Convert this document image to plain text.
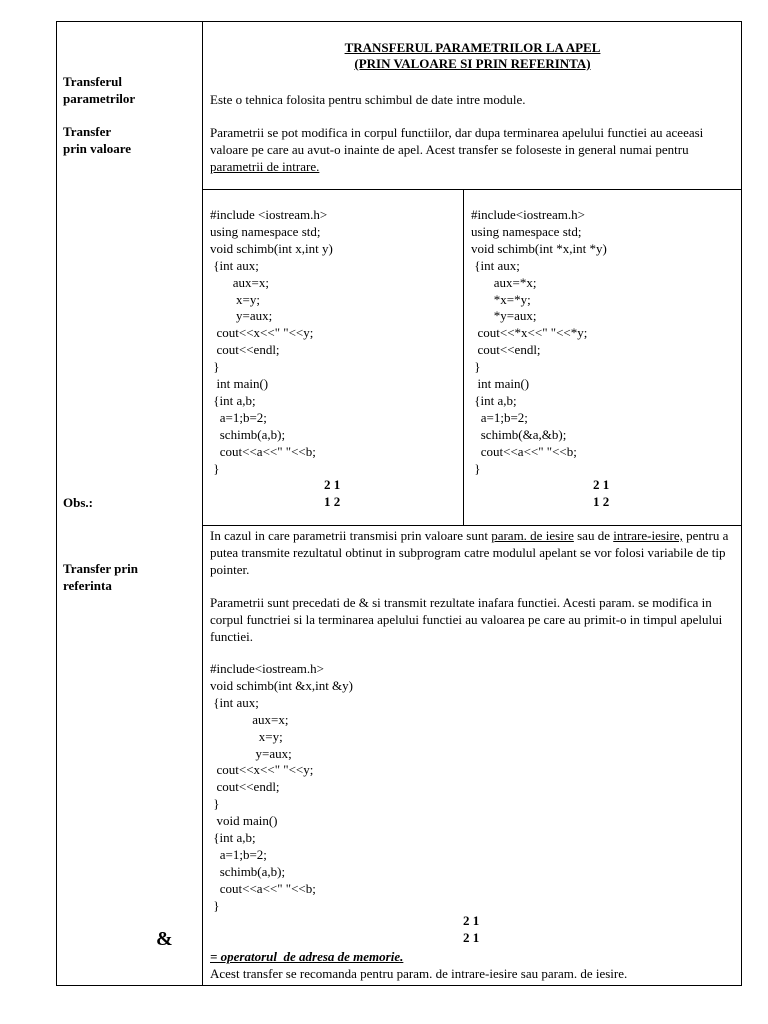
Transferul
parametrilor
Transfer
prin valoare
Obs.:
Transfer prin
referinta
&
TRANSFERUL PARAMETRILOR LA APEL
(PRIN VALOARE SI PRIN REFERINTA)
Este o tehnica folosita pentru schimbul de date intre module.
Parametrii se pot modifica in corpul functiilor, dar dupa terminarea apelului functiei au aceeasi valoare pe care au avut-o inainte de apel. Acest transfer se foloseste in general numai pentru parametrii de intrare.
#include <iostream.h>
using namespace std;
void schimb(int x,int y)
{int aux;
aux=x;
x=y;
y=aux;
cout<<x<<" "<<y;
cout<<endl;
}
int main()
{int a,b;
a=1;b=2;
schimb(a,b);
cout<<a<<" "<<b;
}
#include<iostream.h>
using namespace std;
void schimb(int *x,int *y)
{int aux;
aux=*x;
*x=*y;
*y=aux;
cout<<*x<<" "<<*y;
cout<<endl;
}
int main()
{int a,b;
a=1;b=2;
schimb(&a,&b);
cout<<a<<" "<<b;
}
2 1
1 2
2 1
1 2
In cazul in care parametrii transmisi prin valoare sunt param. de iesire sau de intrare-iesire, pentru a putea transmite rezultatul obtinut in subprogram catre modulul apelant se vor folosi variabile de tip pointer.
Parametrii sunt precedati de & si transmit rezultate inafara functiei. Acesti param. se modifica in corpul functriei si la terminarea apelului functiei au valoarea pe care au primit-o in timpul apelului functiei.
#include<iostream.h>
void schimb(int &x,int &y)
{int aux;
aux=x;
x=y;
y=aux;
cout<<x<<" "<<y;
cout<<endl;
}
void main()
{int a,b;
a=1;b=2;
schimb(a,b);
cout<<a<<" "<<b;
}
2 1
2 1
= operatorul  de adresa de memorie.
Acest transfer se recomanda pentru param. de intrare-iesire sau param. de iesire.
